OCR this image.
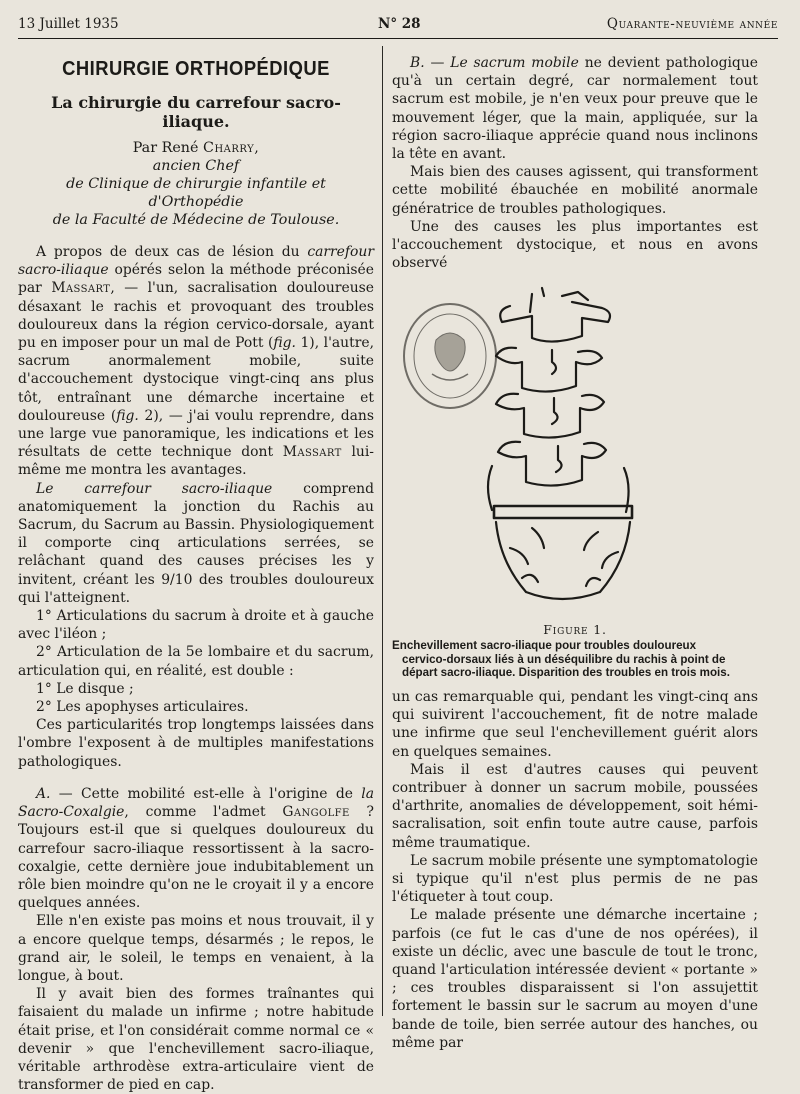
13 Juillet 1935	N° 28	Quarante-neuvième année
CHIRURGIE ORTHOPÉDIQUE
La chirurgie du carrefour sacro-iliaque.
Par René Charry,
ancien Chef
de Clinique de chirurgie infantile et d'Orthopédie
de la Faculté de Médecine de Toulouse.

A propos de deux cas de lésion du carrefour sacro-iliaque opérés selon la méthode préconisée par Massart, — l'un, sacralisation douloureuse désaxant le rachis et provoquant des troubles douloureux dans la région cervico-dorsale, ayant pu en imposer pour un mal de Pott (fig. 1), l'autre, sacrum anormalement mobile, suite d'accouchement dystocique vingt-cinq ans plus tôt, entraînant une démarche incertaine et douloureuse (fig. 2), — j'ai voulu reprendre, dans une large vue panoramique, les indications et les résultats de cette technique dont Massart lui-même me montra les avantages.

Le carrefour sacro-iliaque comprend anatomiquement la jonction du Rachis au Sacrum, du Sacrum au Bassin. Physiologiquement il comporte cinq articulations serrées, se relâchant quand des causes précises les y invitent, créant les 9/10 des troubles douloureux qui l'atteignent.

1° Articulations du sacrum à droite et à gauche avec l'iléon ;

2° Articulation de la 5e lombaire et du sacrum, articulation qui, en réalité, est double :

1° Le disque ;

2° Les apophyses articulaires.

Ces particularités trop longtemps laissées dans l'ombre l'exposent à de multiples manifestations pathologiques.

A. — Cette mobilité est-elle à l'origine de la Sacro-Coxalgie, comme l'admet Gangolfe ? Toujours est-il que si quelques douloureux du carrefour sacro-iliaque ressortissent à la sacro-coxalgie, cette dernière joue indubitablement un rôle bien moindre qu'on ne le croyait il y a encore quelques années.

Elle n'en existe pas moins et nous trouvait, il y a encore quelque temps, désarmés ; le repos, le grand air, le soleil, le temps en venaient, à la longue, à bout.

Il y avait bien des formes traînantes qui faisaient du malade un infirme ; notre habitude était prise, et l'on considérait comme normal ce « devenir » que l'enchevillement sacro-iliaque, véritable arthrodèse extra-articulaire vient de transformer de pied en cap.

B. — Le sacrum mobile ne devient pathologique qu'à un certain degré, car normalement tout sacrum est mobile, je n'en veux pour preuve que le mouvement léger, que la main, appliquée, sur la région sacro-iliaque apprécie quand nous inclinons la tête en avant.

Mais bien des causes agissent, qui transforment cette mobilité ébauchée en mobilité anormale génératrice de troubles pathologiques.

Une des causes les plus importantes est l'accouchement dystocique, et nous en avons observé

Figure 1.
Enchevillement sacro-iliaque pour troubles douloureux
cervico-dorsaux liés à un déséquilibre du rachis à point de départ sacro-iliaque. Disparition des troubles en trois mois.

un cas remarquable qui, pendant les vingt-cinq ans qui suivirent l'accouchement, fit de notre malade une infirme que seul l'enchevillement guérit alors en quelques semaines.

Mais il est d'autres causes qui peuvent contribuer à donner un sacrum mobile, poussées d'arthrite, anomalies de développement, soit hémi-sacralisation, soit enfin toute autre cause, parfois même traumatique.

Le sacrum mobile présente une symptomatologie si typique qu'il n'est plus permis de ne pas l'étiqueter à tout coup.

Le malade présente une démarche incertaine ; parfois (ce fut le cas d'une de nos opérées), il existe un déclic, avec une bascule de tout le tronc, quand l'articulation intéressée devient « portante » ; ces troubles disparaissent si l'on assujettit fortement le bassin sur le sacrum au moyen d'une bande de toile, bien serrée autour des hanches, ou même par
